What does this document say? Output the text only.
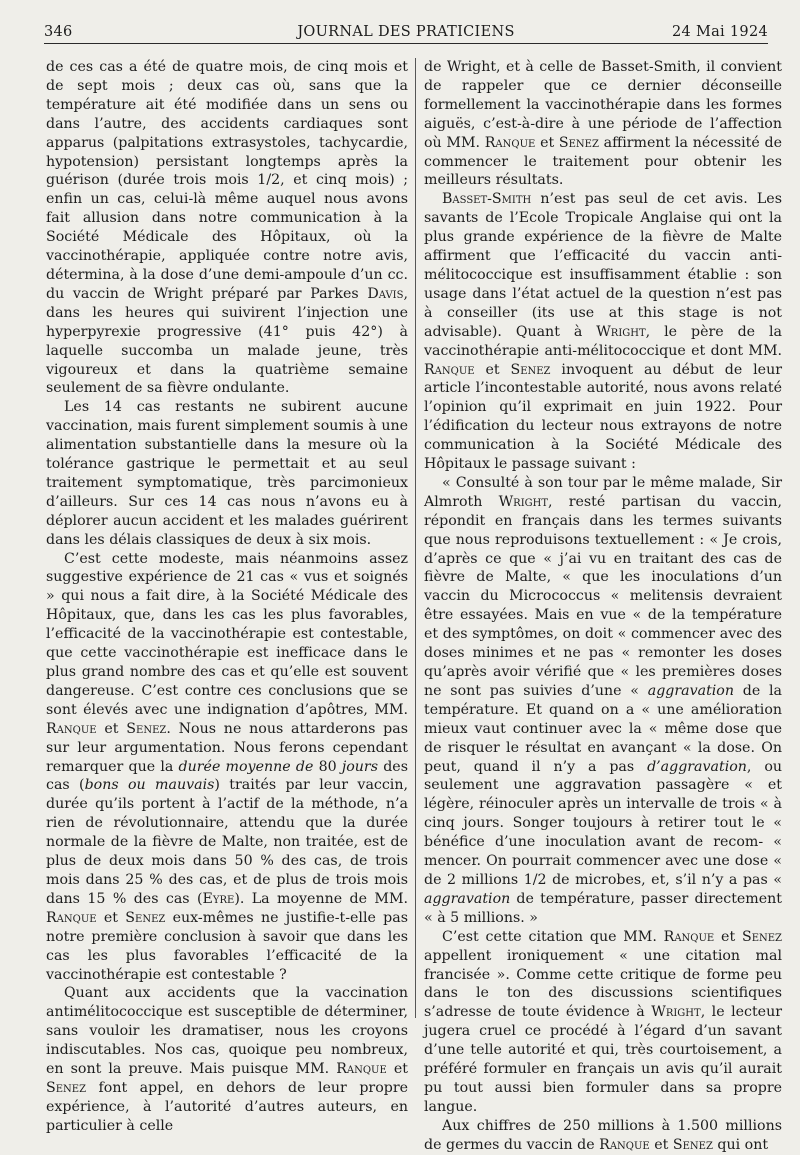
346	JOURNAL DES PRATICIENS	24 Mai 1924

de ces cas a été de quatre mois, de cinq mois et de sept mois ; deux cas où, sans que la température ait été modifiée dans un sens ou dans l’autre, des accidents cardiaques sont apparus (palpitations extrasystoles, tachycardie, hypotension) persistant longtemps après la guérison (durée trois mois 1/2, et cinq mois) ; enfin un cas, celui-là même auquel nous avons fait allusion dans notre communication à la Société Médicale des Hôpitaux, où la vaccinothérapie, appliquée contre notre avis, détermina, à la dose d’une demi-ampoule d’un cc. du vaccin de Wright préparé par Parkes Davis, dans les heures qui suivirent l’injection une hyperpyrexie progressive (41° puis 42°) à laquelle succomba un malade jeune, très vigoureux et dans la quatrième semaine seulement de sa fièvre ondulante.

Les 14 cas restants ne subirent aucune vaccination, mais furent simplement soumis à une alimentation substantielle dans la mesure où la tolérance gastrique le permettait et au seul traitement symptomatique, très parcimonieux d’ailleurs. Sur ces 14 cas nous n’avons eu à déplorer aucun accident et les malades guérirent dans les délais classiques de deux à six mois.

C’est cette modeste, mais néanmoins assez suggestive expérience de 21 cas « vus et soignés » qui nous a fait dire, à la Société Médicale des Hôpitaux, que, dans les cas les plus favorables, l’efficacité de la vaccinothérapie est contestable, que cette vaccinothérapie est inefficace dans le plus grand nombre des cas et qu’elle est souvent dangereuse. C’est contre ces conclusions que se sont élevés avec une indignation d’apôtres, MM. Ranque et Senez. Nous ne nous attarderons pas sur leur argumentation. Nous ferons cependant remarquer que la durée moyenne de 80 jours des cas (bons ou mauvais) traités par leur vaccin, durée qu’ils portent à l’actif de la méthode, n’a rien de révolutionnaire, attendu que la durée normale de la fièvre de Malte, non traitée, est de plus de deux mois dans 50 % des cas, de trois mois dans 25 % des cas, et de plus de trois mois dans 15 % des cas (Eyre). La moyenne de MM. Ranque et Senez eux-mêmes ne justifie-t-elle pas notre première conclusion à savoir que dans les cas les plus favorables l’efficacité de la vaccinothérapie est contestable ?

Quant aux accidents que la vaccination antimélitococcique est susceptible de déterminer, sans vouloir les dramatiser, nous les croyons indiscutables. Nos cas, quoique peu nombreux, en sont la preuve. Mais puisque MM. Ranque et Senez font appel, en dehors de leur propre expérience, à l’autorité d’autres auteurs, en particulier à celle

de Wright, et à celle de Basset-Smith, il convient de rappeler que ce dernier déconseille formellement la vaccinothérapie dans les formes aiguës, c’est-à-dire à une période de l’affection où MM. Ranque et Senez affirment la nécessité de commencer le traitement pour obtenir les meilleurs résultats.

Basset-Smith n’est pas seul de cet avis. Les savants de l’Ecole Tropicale Anglaise qui ont la plus grande expérience de la fièvre de Malte affirment que l’efficacité du vaccin anti-mélitococcique est insuffisamment établie : son usage dans l’état actuel de la question n’est pas à conseiller (its use at this stage is not advisable). Quant à Wright, le père de la vaccinothérapie anti-mélitococcique et dont MM. Ranque et Senez invoquent au début de leur article l’incontestable autorité, nous avons relaté l’opinion qu’il exprimait en juin 1922. Pour l’édification du lecteur nous extrayons de notre communication à la Société Médicale des Hôpitaux le passage suivant :

« Consulté à son tour par le même malade, Sir Almroth Wright, resté partisan du vaccin, répondit en français dans les termes suivants que nous reproduisons textuellement : « Je crois, d’après ce que « j’ai vu en traitant des cas de fièvre de Malte, « que les inoculations d’un vaccin du Micrococcus « melitensis devraient être essayées. Mais en vue « de la température et des symptômes, on doit « commencer avec des doses minimes et ne pas « remonter les doses qu’après avoir vérifié que « les premières doses ne sont pas suivies d’une « aggravation de la température. Et quand on a « une amélioration mieux vaut continuer avec la « même dose que de risquer le résultat en avançant « la dose. On peut, quand il n’y a pas d’aggravation, ou seulement une aggravation passagère « et légère, réinoculer après un intervalle de trois « à cinq jours. Songer toujours à retirer tout le « bénéfice d’une inoculation avant de recom- « mencer. On pourrait commencer avec une dose « de 2 millions 1/2 de microbes, et, s’il n’y a pas « aggravation de température, passer directement « à 5 millions. »

C’est cette citation que MM. Ranque et Senez appellent ironiquement « une citation mal francisée ». Comme cette critique de forme peu dans le ton des discussions scientifiques s’adresse de toute évidence à Wright, le lecteur jugera cruel ce procédé à l’égard d’un savant d’une telle autorité et qui, très courtoisement, a préféré formuler en français un avis qu’il aurait pu tout aussi bien formuler dans sa propre langue.

Aux chiffres de 250 millions à 1.500 millions de germes du vaccin de Ranque et Senez qui ont
